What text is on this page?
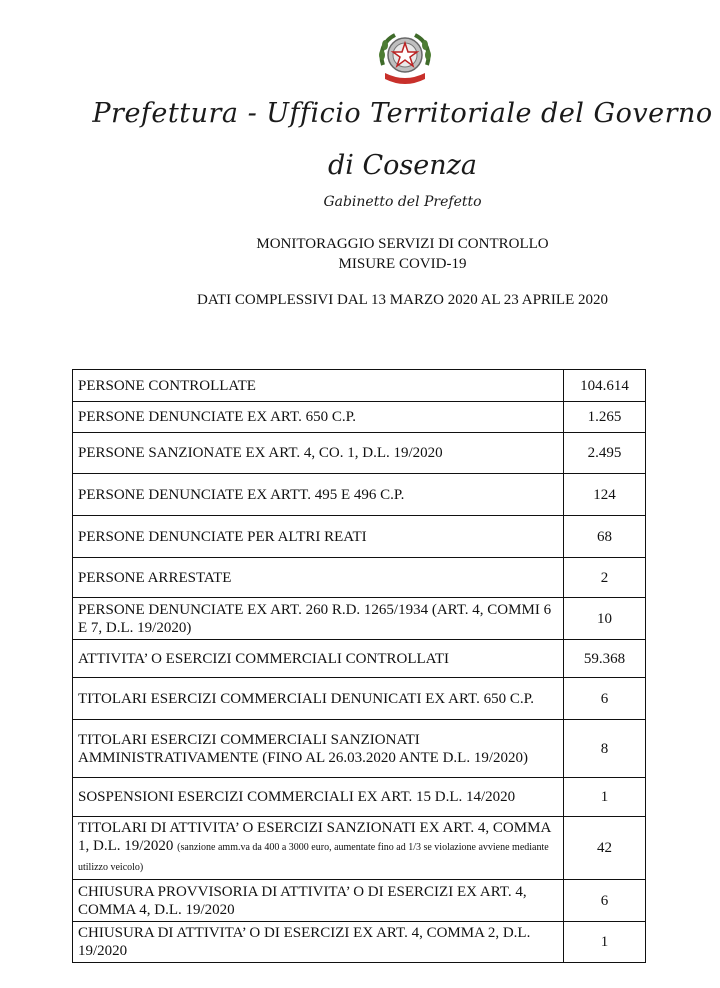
Prefettura - Ufficio Territoriale del Governo
di Cosenza
Gabinetto del Prefetto
MONITORAGGIO SERVIZI DI CONTROLLO
MISURE COVID-19
DATI COMPLESSIVI DAL 13 MARZO 2020 AL 23 APRILE 2020
PERSONE CONTROLLATE	104.614
PERSONE DENUNCIATE EX ART. 650 C.P.	1.265
PERSONE SANZIONATE EX ART. 4, CO. 1, D.L. 19/2020	2.495
PERSONE DENUNCIATE EX ARTT. 495 E 496 C.P.	124
PERSONE DENUNCIATE PER ALTRI REATI	68
PERSONE ARRESTATE	2
PERSONE DENUNCIATE EX ART. 260 R.D. 1265/1934 (ART. 4, COMMI 6 E 7, D.L. 19/2020)	10
ATTIVITA’ O ESERCIZI COMMERCIALI CONTROLLATI	59.368
TITOLARI ESERCIZI COMMERCIALI DENUNICATI EX ART. 650 C.P.	6
TITOLARI ESERCIZI COMMERCIALI SANZIONATI AMMINISTRATIVAMENTE (FINO AL 26.03.2020 ANTE D.L. 19/2020)	8
SOSPENSIONI ESERCIZI COMMERCIALI EX ART. 15 D.L. 14/2020	1
TITOLARI DI ATTIVITA’ O ESERCIZI SANZIONATI EX ART. 4, COMMA 1, D.L. 19/2020 (sanzione amm.va da 400 a 3000 euro, aumentate fino ad 1/3 se violazione avviene mediante utilizzo veicolo)	42
CHIUSURA PROVVISORIA DI ATTIVITA’ O DI ESERCIZI EX ART. 4, COMMA 4, D.L. 19/2020	6
CHIUSURA DI ATTIVITA’ O DI ESERCIZI EX ART. 4, COMMA 2, D.L. 19/2020	1
